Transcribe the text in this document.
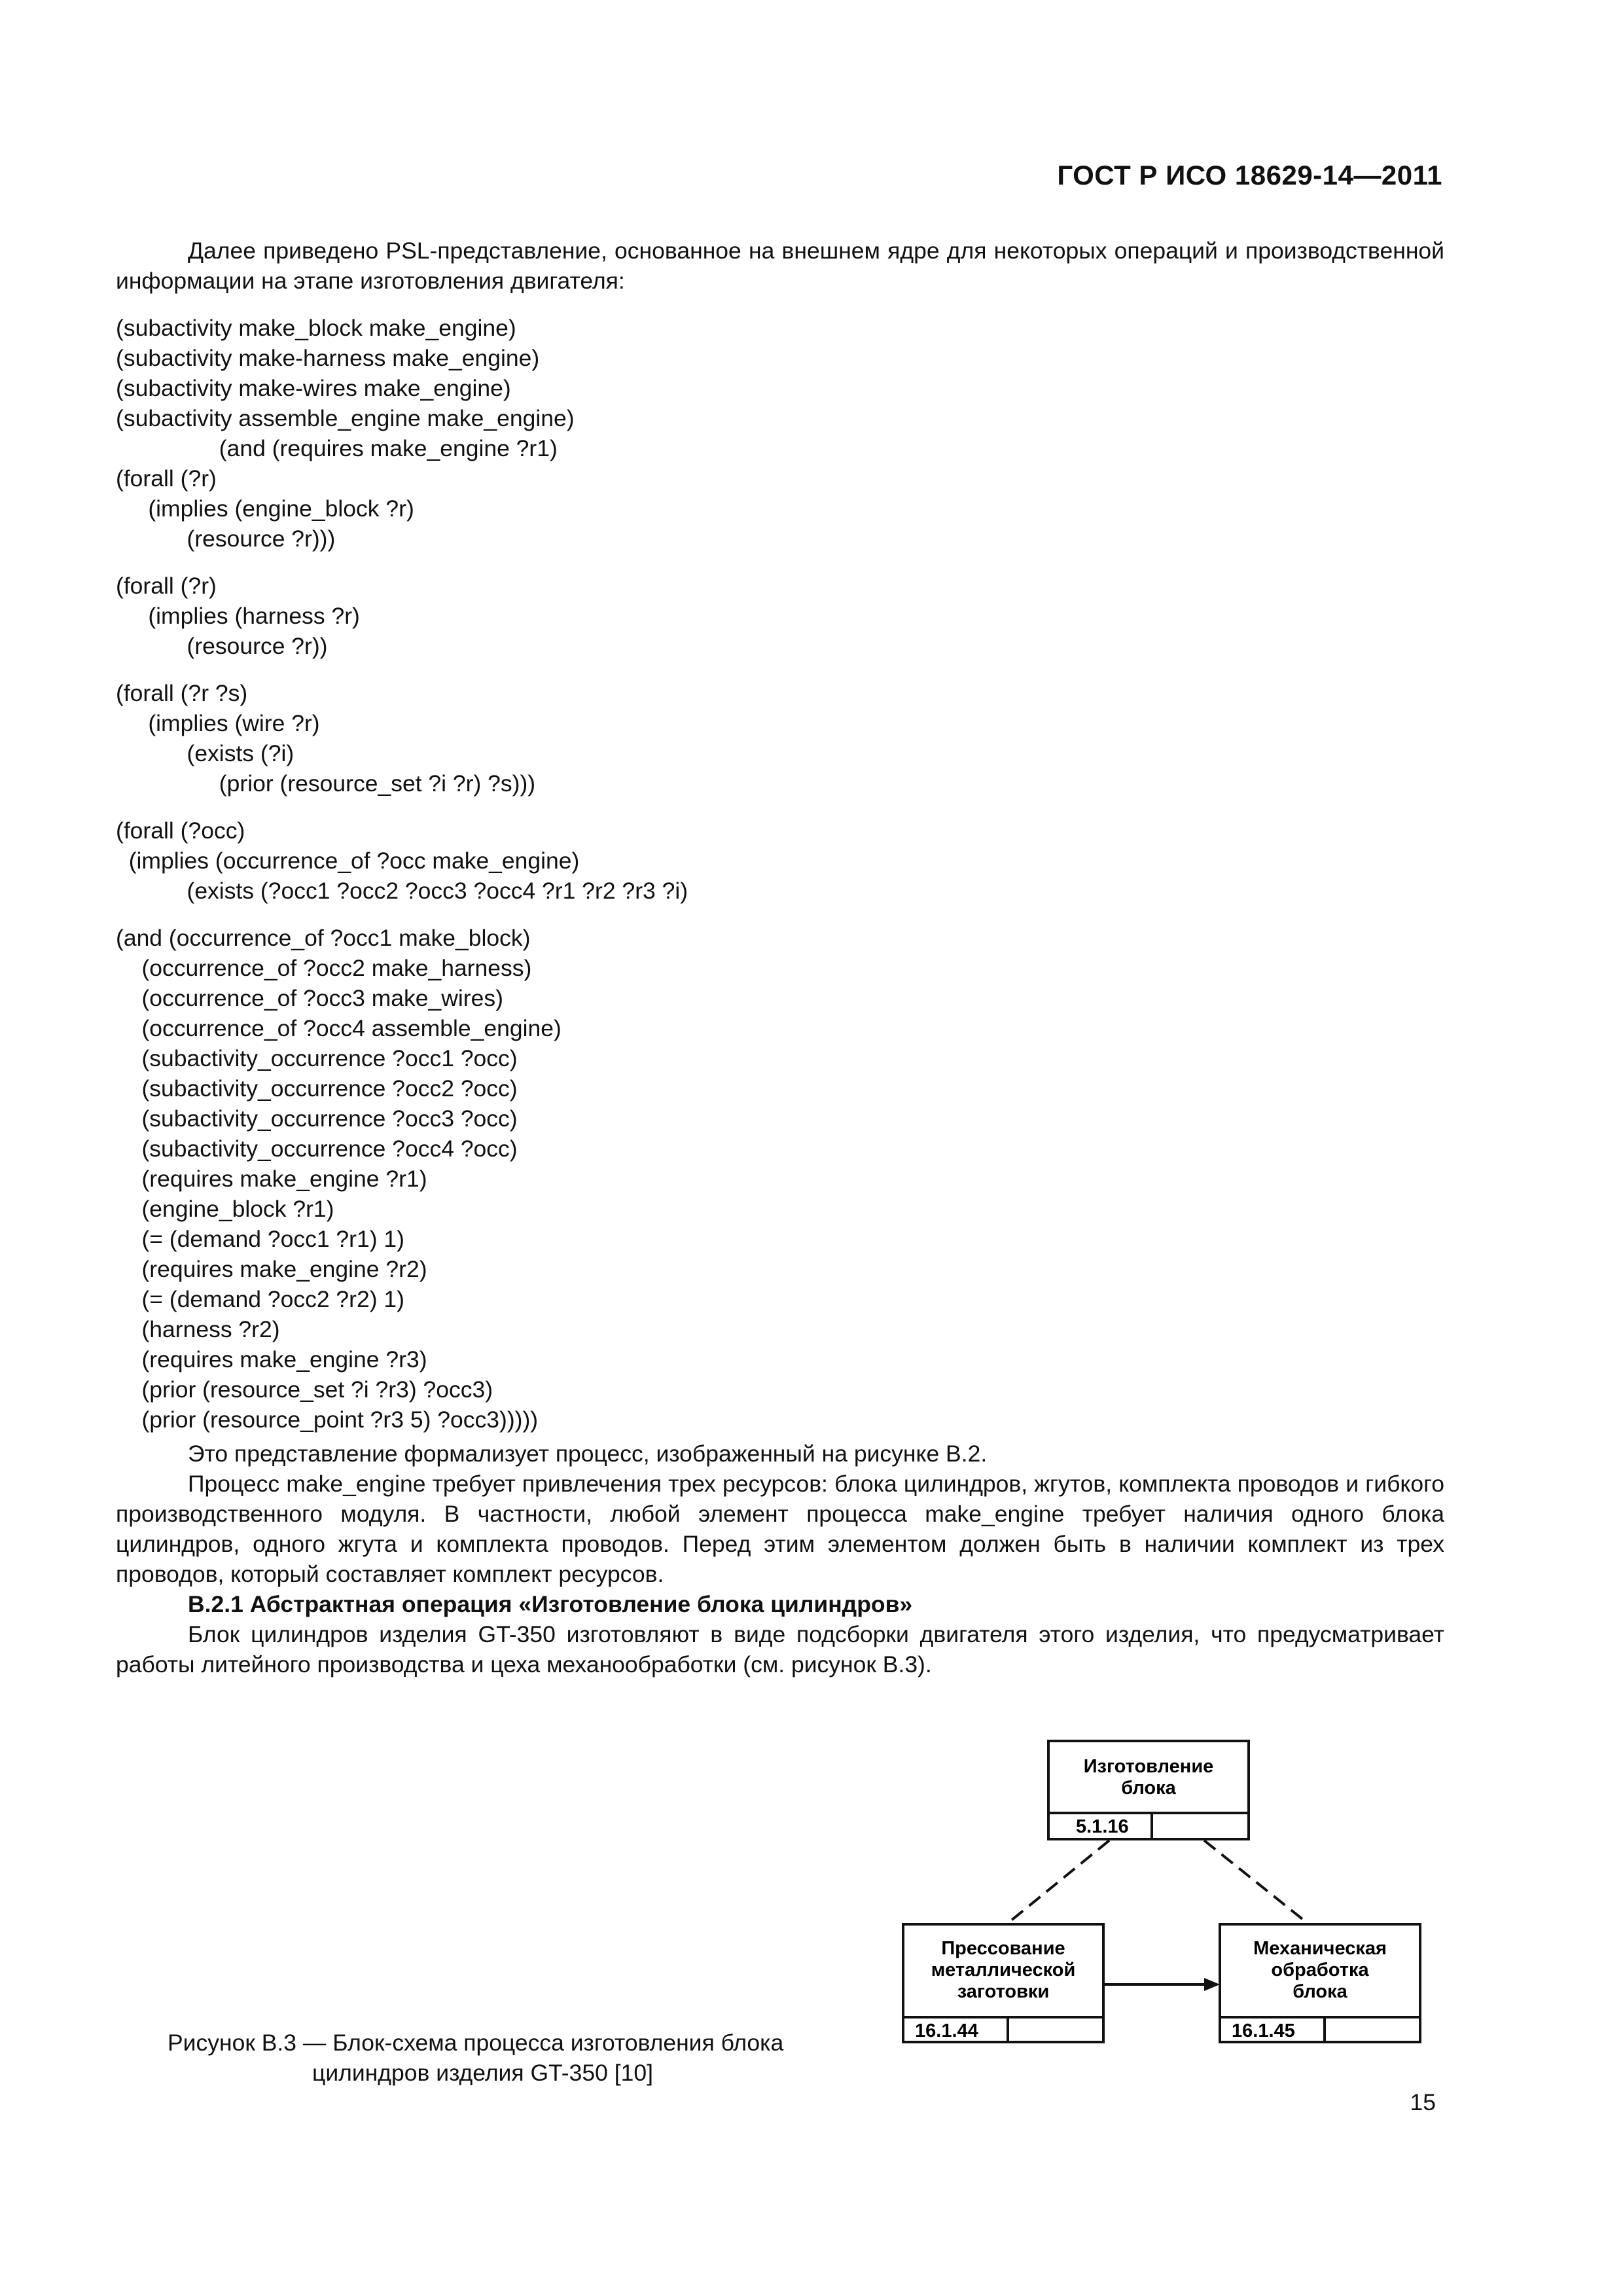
ГОСТ Р ИСО 18629-14—2011

Далее приведено PSL-представление, основанное на внешнем ядре для некоторых операций и производственной информации на этапе изготовления двигателя:

(subactivity make_block make_engine)
(subactivity make-harness make_engine)
(subactivity make-wires make_engine)
(subactivity assemble_engine make_engine)
(and (requires make_engine ?r1)
(forall (?r)
(implies (engine_block ?r)
(resource ?r)))
(forall (?r)
(implies (harness ?r)
(resource ?r))
(forall (?r ?s)
(implies (wire ?r)
(exists (?i)
(prior (resource_set ?i ?r) ?s)))
(forall (?occ)
(implies (occurrence_of ?occ make_engine)
(exists (?occ1 ?occ2 ?occ3 ?occ4 ?r1 ?r2 ?r3 ?i)
(and (occurrence_of ?occ1 make_block)
(occurrence_of ?occ2 make_harness)
(occurrence_of ?occ3 make_wires)
(occurrence_of ?occ4 assemble_engine)
(subactivity_occurrence ?occ1 ?occ)
(subactivity_occurrence ?occ2 ?occ)
(subactivity_occurrence ?occ3 ?occ)
(subactivity_occurrence ?occ4 ?occ)
(requires make_engine ?r1)
(engine_block ?r1)
(= (demand ?occ1 ?r1) 1)
(requires make_engine ?r2)
(= (demand ?occ2 ?r2) 1)
(harness ?r2)
(requires make_engine ?r3)
(prior (resource_set ?i ?r3) ?occ3)
(prior (resource_point ?r3 5) ?occ3)))))

Это представление формализует процесс, изображенный на рисунке В.2.

Процесс make_engine требует привлечения трех ресурсов: блока цилиндров, жгутов, комплекта проводов и гибкого производственного модуля. В частности, любой элемент процесса make_engine требует наличия одного блока цилиндров, одного жгута и комплекта проводов. Перед этим элементом должен быть в наличии комплект из трех проводов, который составляет комплект ресурсов.

В.2.1 Абстрактная операция «Изготовление блока цилиндров»

Блок цилиндров изделия GT-350 изготовляют в виде подсборки двигателя этого изделия, что предусматривает работы литейного производства и цеха механообработки (см. рисунок В.3).

Изготовление
блока
5.1.16
Прессование
металлической
заготовки
16.1.44
Механическая
обработка
блока
16.1.45
Рисунок В.3 — Блок-схема процесса изготовления блока
цилиндров изделия GT-350 [10]
15
